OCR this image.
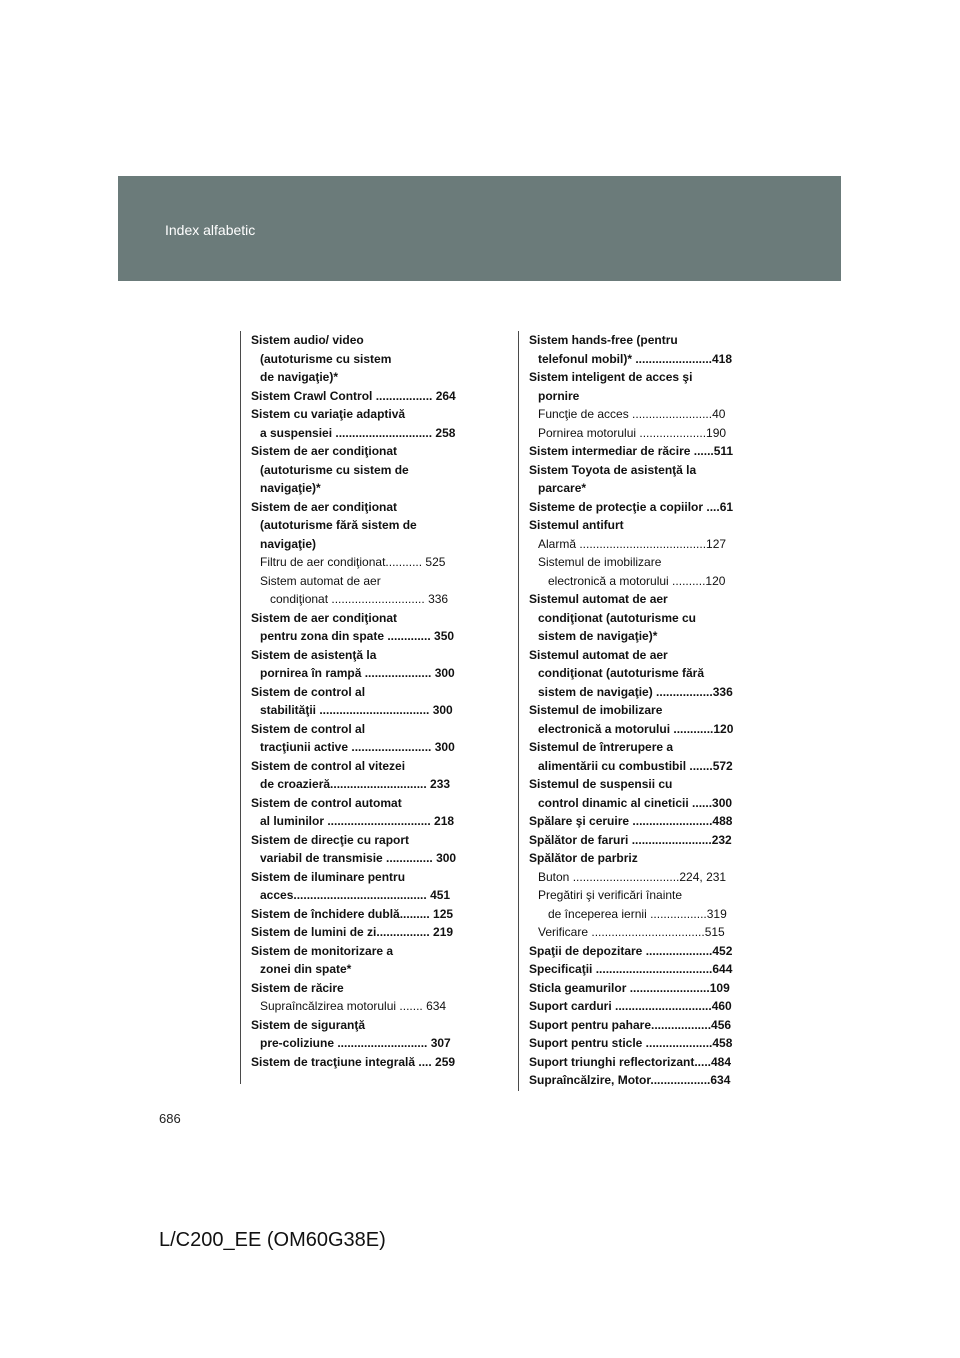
Index alfabetic
Sistem audio/ video
(autoturisme cu sistem
de navigaţie)*
Sistem Crawl Control ................. 264
Sistem cu variaţie adaptivă
a suspensiei ............................. 258
Sistem de aer condiţionat
(autoturisme cu sistem de
navigaţie)*
Sistem de aer condiţionat
(autoturisme fără sistem de
navigaţie)
Filtru de aer condiţionat........... 525
Sistem automat de aer
condiţionat ............................ 336
Sistem de aer condiţionat
pentru zona din spate ............. 350
Sistem de asistenţă la
pornirea în rampă .................... 300
Sistem de control al
stabilităţii ................................. 300
Sistem de control al
tracţiunii active ........................ 300
Sistem de control al vitezei
de croazieră............................. 233
Sistem de control automat
al luminilor ............................... 218
Sistem de direcţie cu raport
variabil de transmisie .............. 300
Sistem de iluminare pentru
acces........................................ 451
Sistem de închidere dublă......... 125
Sistem de lumini de zi................ 219
Sistem de monitorizare a
zonei din spate*
Sistem de răcire
Supraîncălzirea motorului ....... 634
Sistem de siguranţă
pre-coliziune ........................... 307
Sistem de tracţiune integrală .... 259
Sistem hands-free (pentru
telefonul mobil)* .......................418
Sistem inteligent de acces şi
pornire
Funcţie de acces ........................40
Pornirea motorului ....................190
Sistem intermediar de răcire ......511
Sistem Toyota de asistenţă la
parcare*
Sisteme de protecţie a copiilor ....61
Sistemul antifurt
Alarmă ......................................127
Sistemul de imobilizare
electronică a motorului ..........120
Sistemul automat de aer
condiţionat (autoturisme cu
sistem de navigaţie)*
Sistemul automat de aer
condiţionat (autoturisme fără
sistem de navigaţie) .................336
Sistemul de imobilizare
electronică a motorului ............120
Sistemul de întrerupere a
alimentării cu combustibil .......572
Sistemul de suspensii cu
control dinamic al cineticii ......300
Spălare şi ceruire ........................488
Spălător de faruri ........................232
Spălător de parbriz
Buton ................................224, 231
Pregătiri şi verificări înainte
de începerea iernii .................319
Verificare ..................................515
Spaţii de depozitare ....................452
Specificaţii ...................................644
Sticla geamurilor ........................109
Suport carduri .............................460
Suport pentru pahare..................456
Suport pentru sticle ....................458
Suport triunghi reflectorizant.....484
Supraîncălzire, Motor..................634
686
L/C200_EE (OM60G38E)
